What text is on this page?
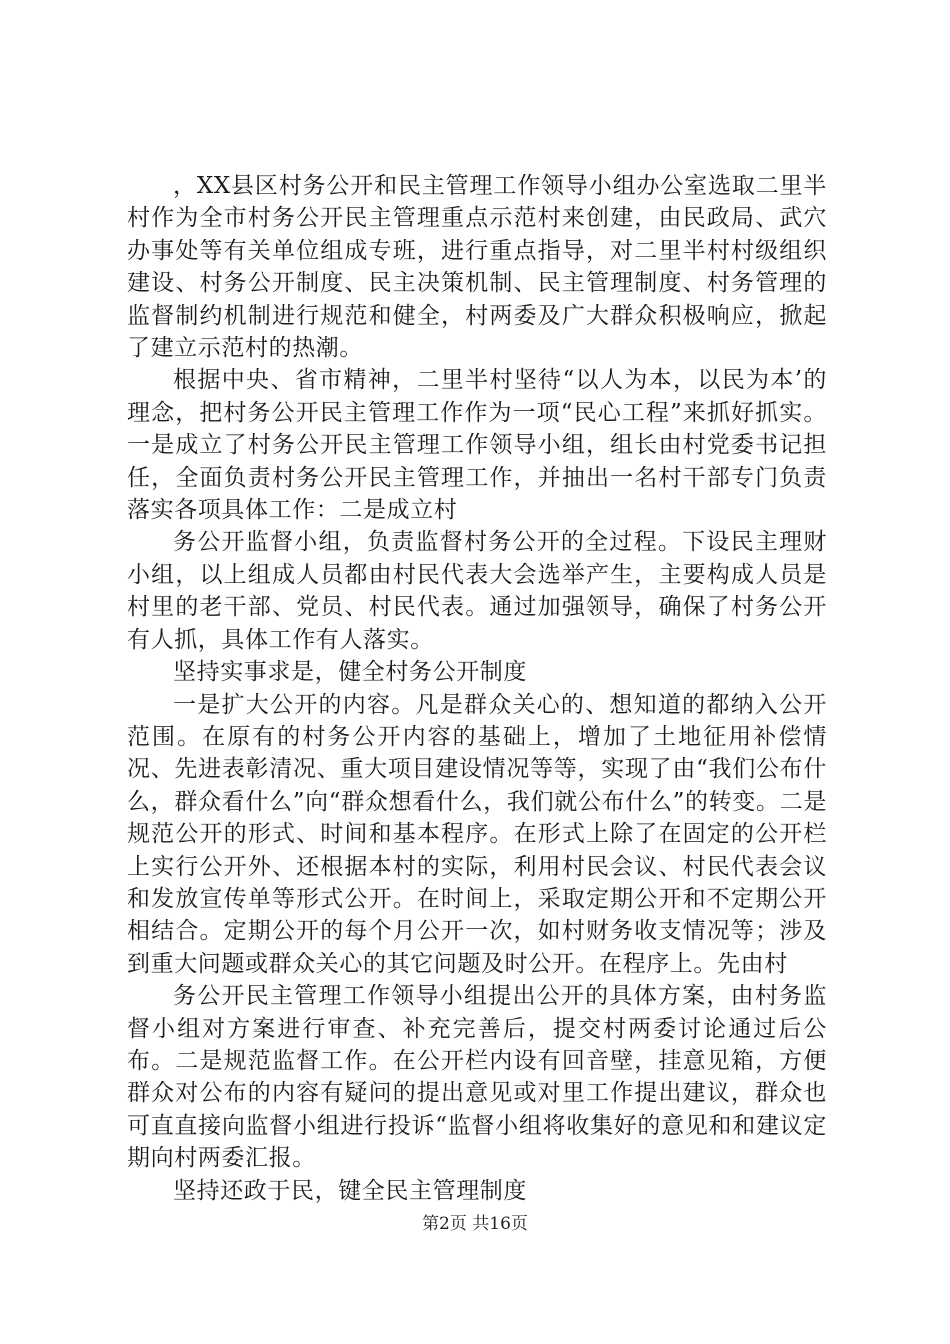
，XX县区村务公开和民主管理工作领导小组办公室选取二里半村作为全市村务公开民主管理重点示范村来创建，由民政局、武穴办事处等有关单位组成专班，进行重点指导，对二里半村村级组织建设、村务公开制度、民主决策机制、民主管理制度、村务管理的监督制约机制进行规范和健全，村两委及广大群众积极响应，掀起了建立示范村的热潮。

根据中央、省市精神，二里半村坚待“以人为本，以民为本’的理念，把村务公开民主管理工作作为一项“民心工程”来抓好抓实。一是成立了村务公开民主管理工作领导小组，组长由村党委书记担任，全面负责村务公开民主管理工作，并抽出一名村干部专门负责落实各项具体工作：二是成立村

务公开监督小组，负责监督村务公开的全过程。下设民主理财小组，以上组成人员都由村民代表大会选举产生，主要构成人员是村里的老干部、党员、村民代表。通过加强领导，确保了村务公开有人抓，具体工作有人落实。

坚持实事求是，健全村务公开制度

一是扩大公开的内容。凡是群众关心的、想知道的都纳入公开范围。在原有的村务公开内容的基础上，增加了土地征用补偿情况、先进表彰清况、重大项目建设情况等等，实现了由“我们公布什么，群众看什么”向“群众想看什么，我们就公布什么”的转变。二是规范公开的形式、时间和基本程序。在形式上除了在固定的公开栏上实行公开外、还根据本村的实际，利用村民会议、村民代表会议和发放宣传单等形式公开。在时间上，采取定期公开和不定期公开相结合。定期公开的每个月公开一次，如村财务收支情况等；涉及到重大问题或群众关心的其它问题及时公开。在程序上。先由村

务公开民主管理工作领导小组提出公开的具体方案，由村务监督小组对方案进行审查、补充完善后，提交村两委讨论通过后公布。二是规范监督工作。在公开栏内设有回音壁，挂意见箱，方便群众对公布的内容有疑问的提出意见或对里工作提出建议，群众也可直直接向监督小组进行投诉“监督小组将收集好的意见和和建议定期向村两委汇报。

坚持还政于民，键全民主管理制度

第2页 共16页
